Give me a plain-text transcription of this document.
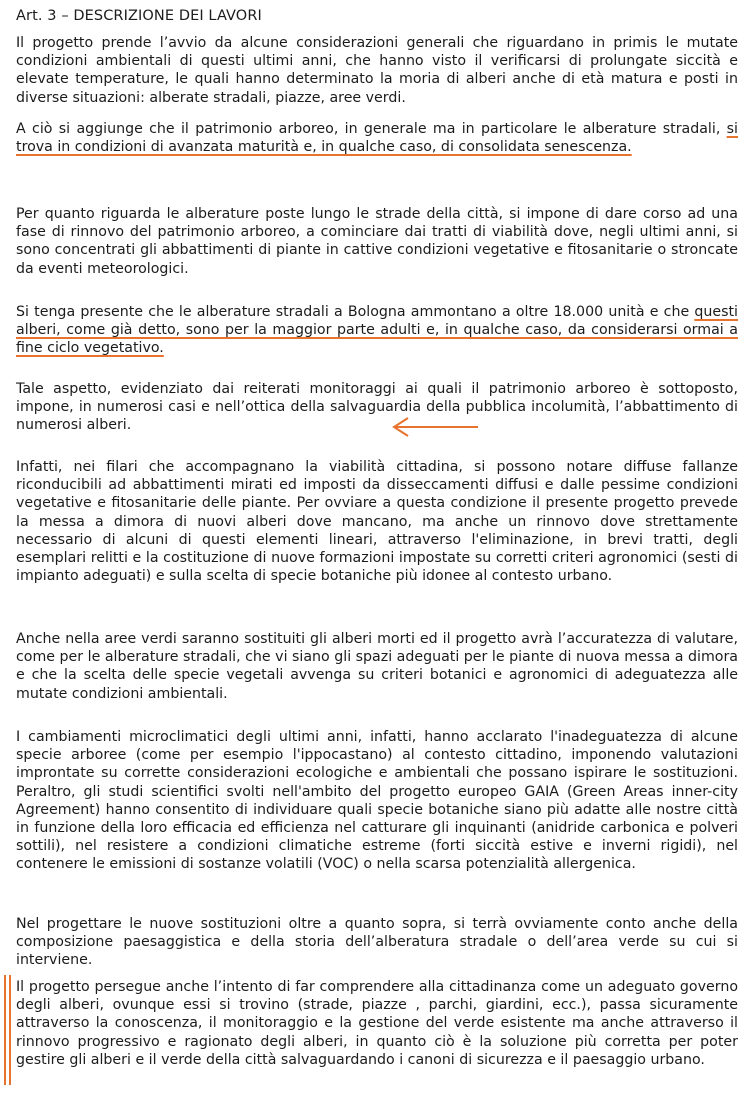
Art. 3 – DESCRIZIONE DEI LAVORI

Il progetto prende l’avvio da alcune considerazioni generali che riguardano in primis le mutate condizioni ambientali di questi ultimi anni, che hanno visto il verificarsi di prolungate siccità e elevate temperature, le quali hanno determinato la moria di alberi anche di età matura e posti in diverse situazioni: alberate stradali, piazze, aree verdi.

A ciò si aggiunge che il patrimonio arboreo, in generale ma in particolare le alberature stradali, si trova in condizioni di avanzata maturità e, in qualche caso, di consolidata senescenza.

Per quanto riguarda le alberature poste lungo le strade della città, si impone di dare corso ad una fase di rinnovo del patrimonio arboreo, a cominciare dai tratti di viabilità dove, negli ultimi anni, si sono concentrati gli abbattimenti di piante in cattive condizioni vegetative e fitosanitarie o stroncate da eventi meteorologici.

Si tenga presente che le alberature stradali a Bologna ammontano a oltre 18.000 unità e che questi alberi, come già detto, sono per la maggior parte adulti e, in qualche caso, da considerarsi ormai a fine ciclo vegetativo.

Tale aspetto, evidenziato dai reiterati monitoraggi ai quali il patrimonio arboreo è sottoposto, impone, in numerosi casi e nell’ottica della salvaguardia della pubblica incolumità, l’abbattimento di numerosi alberi.

Infatti, nei filari che accompagnano la viabilità cittadina, si possono notare diffuse fallanze riconducibili ad abbattimenti mirati ed imposti da disseccamenti diffusi e dalle pessime condizioni vegetative e fitosanitarie delle piante. Per ovviare a questa condizione il presente progetto prevede la messa a dimora di nuovi alberi dove mancano, ma anche un rinnovo dove strettamente necessario di alcuni di questi elementi lineari, attraverso l'eliminazione, in brevi tratti, degli esemplari relitti e la costituzione di nuove formazioni impostate su corretti criteri agronomici (sesti di impianto adeguati) e sulla scelta di specie botaniche più idonee al contesto urbano.

Anche nella aree verdi saranno sostituiti gli alberi morti ed il progetto avrà l’accuratezza di valutare, come per le alberature stradali, che vi siano gli spazi adeguati per le piante di nuova messa a dimora e che la scelta delle specie vegetali avvenga su criteri botanici e agronomici di adeguatezza alle mutate condizioni ambientali.

I cambiamenti microclimatici degli ultimi anni, infatti, hanno acclarato l'inadeguatezza di alcune specie arboree (come per esempio l'ippocastano) al contesto cittadino, imponendo valutazioni improntate su corrette considerazioni ecologiche e ambientali che possano ispirare le sostituzioni. Peraltro, gli studi scientifici svolti nell'ambito del progetto europeo GAIA (Green Areas inner-city Agreement) hanno consentito di individuare quali specie botaniche siano più adatte alle nostre città in funzione della loro efficacia ed efficienza nel catturare gli inquinanti (anidride carbonica e polveri sottili), nel resistere a condizioni climatiche estreme (forti siccità estive e inverni rigidi), nel contenere le emissioni di sostanze volatili (VOC) o nella scarsa potenzialità allergenica.

Nel progettare le nuove sostituzioni oltre a quanto sopra, si terrà ovviamente conto anche della composizione paesaggistica e della storia dell’alberatura stradale o dell’area verde su cui si interviene.

Il progetto persegue anche l’intento di far comprendere alla cittadinanza come un adeguato governo degli alberi, ovunque essi si trovino (strade, piazze , parchi, giardini, ecc.), passa sicuramente attraverso la conoscenza, il monitoraggio e la gestione del verde esistente ma anche attraverso il rinnovo progressivo e ragionato degli alberi, in quanto ciò è la soluzione più corretta per poter gestire gli alberi e il verde della città salvaguardando i canoni di sicurezza e il paesaggio urbano.
